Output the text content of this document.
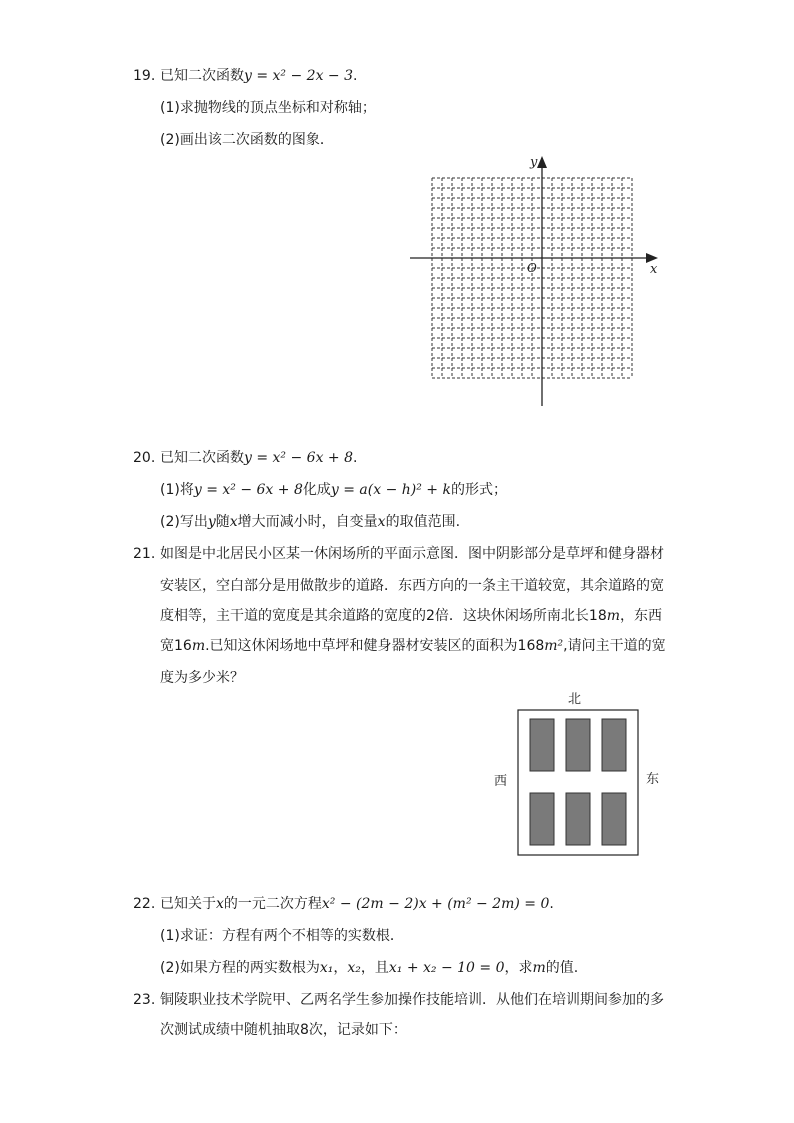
19. 已知二次函数y = x² − 2x − 3.
(1)求抛物线的顶点坐标和对称轴；
(2)画出该二次函数的图象．
y
x
O
20. 已知二次函数y = x² − 6x + 8.
(1)将y = x² − 6x + 8化成y = a(x − h)² + k的形式；
(2)写出y随x增大而减小时，自变量x的取值范围.
21. 如图是中北居民小区某一休闲场所的平面示意图．图中阴影部分是草坪和健身器材
安装区，空白部分是用做散步的道路．东西方向的一条主干道较宽，其余道路的宽
度相等，主干道的宽度是其余道路的宽度的2倍．这块休闲场所南北长18m，东西
宽16m.已知这休闲场地中草坪和健身器材安装区的面积为168m²,请问主干道的宽
度为多少米？
北
西	东
22. 已知关于x的一元二次方程x² − (2m − 2)x + (m² − 2m) = 0.
(1)求证：方程有两个不相等的实数根．
(2)如果方程的两实数根为x₁，x₂，且x₁ + x₂ − 10 = 0，求m的值.
23. 铜陵职业技术学院甲、乙两名学生参加操作技能培训．从他们在培训期间参加的多
次测试成绩中随机抽取8次，记录如下：
